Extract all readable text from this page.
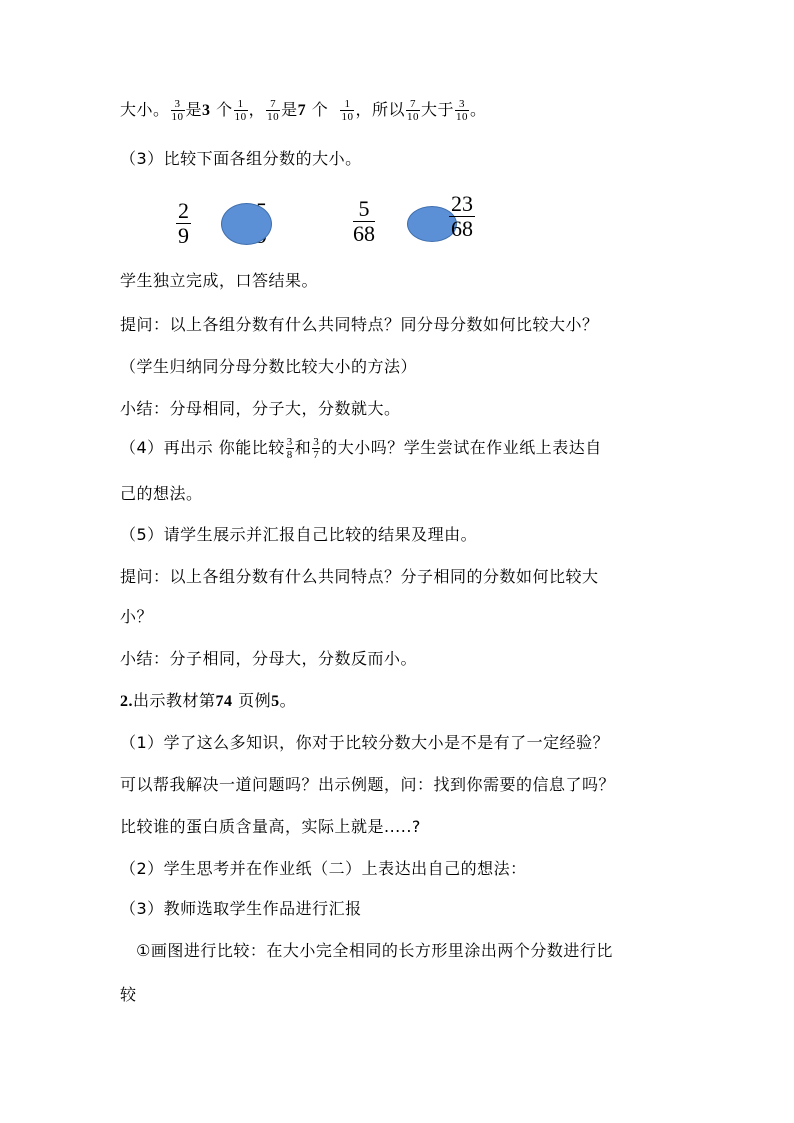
大小。 $\frac{3}{10}$ 是3 个 $\frac{1}{10}$ ， $\frac{7}{10}$ 是7 个 $\frac{1}{10}$ ，所以 $\frac{7}{10}$ 大于 $\frac{3}{10}$ 。
（3）比较下面各组分数的大小。
$\frac{2}{9}$	$\frac{5}{68}$	$\frac{23}{68}$
学生独立完成，口答结果。
提问：以上各组分数有什么共同特点？同分母分数如何比较大小？
（学生归纳同分母分数比较大小的方法）
小结：分母相同，分子大，分数就大。
（4）再出示 你能比较 $\frac{3}{8}$ 和 $\frac{3}{7}$ 的大小吗？学生尝试在作业纸上表达自
己的想法。
（5）请学生展示并汇报自己比较的结果及理由。
提问：以上各组分数有什么共同特点？分子相同的分数如何比较大
小？
小结：分子相同，分母大，分数反而小。
2.出示教材第74 页例5。
（1）学了这么多知识，你对于比较分数大小是不是有了一定经验？
可以帮我解决一道问题吗？出示例题，问：找到你需要的信息了吗？
比较谁的蛋白质含量高，实际上就是.....?
（2）学生思考并在作业纸（二）上表达出自己的想法：
（3）教师选取学生作品进行汇报
①画图进行比较：在大小完全相同的长方形里涂出两个分数进行比
较
